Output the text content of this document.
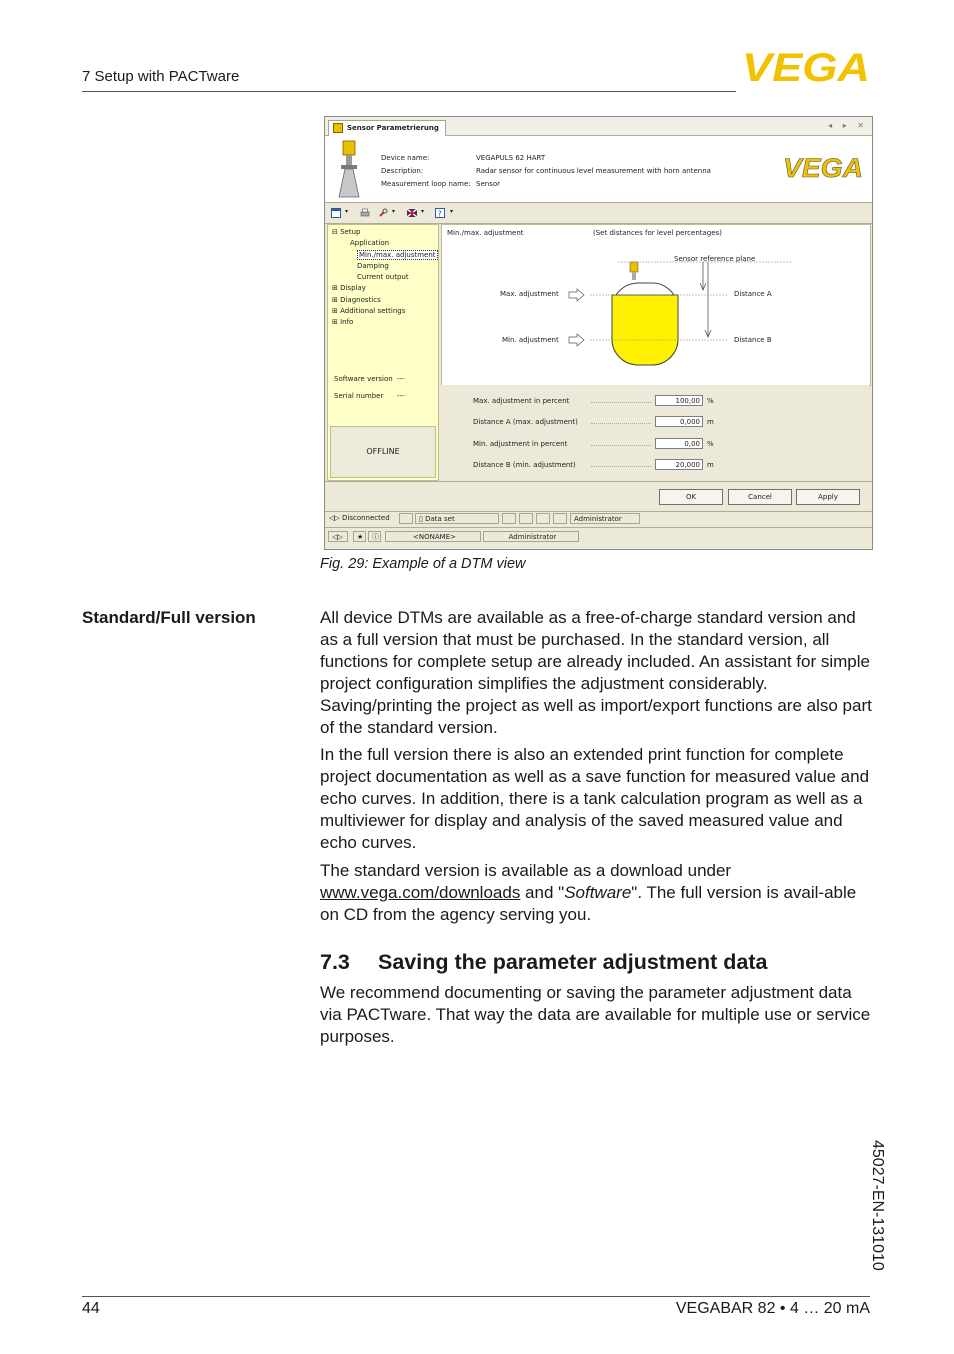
7 Setup with PACTware	VEGA
Sensor Parametrierung	◂ ▸ ✕
Device name:	VEGAPULS 62 HART
Description:	Radar sensor for continuous level measurement with horn antenna
Measurement loop name: Sensor
VEGA
▾	▾	▾ ? ▾
⊟ Setup
Application
Min./max. adjustment
Damping
Current output
⊞ Display
⊞ Diagnostics
⊞ Additional settings
⊞ Info
Software version ---
Serial number ---
OFFLINE
Min./max. adjustment	(Set distances for level percentages)
Sensor reference plane
Max. adjustment
Min. adjustment
Distance A
Distance B
Max. adjustment in percent	100,00	%
Distance A (max. adjustment)	0,000	m
Min. adjustment in percent	0,00	%
Distance B (min. adjustment)	20,000	m
OK	Cancel	Apply
◁▷ Disconnected	▯ Data set	Administrator
◁▷	★	ⓘ	<NONAME>	Administrator
Fig. 29: Example of a DTM view
Standard/Full version	All device DTMs are available as a free-of-charge standard version and as a full version that must be purchased. In the standard version, all functions for complete setup are already included. An assistant for simple project configuration simplifies the adjustment considerably. Saving/printing the project as well as import/export functions are also part of the standard version.
In the full version there is also an extended print function for complete project documentation as well as a save function for measured value and echo curves. In addition, there is a tank calculation program as well as a multiviewer for display and analysis of the saved measured value and echo curves.
The standard version is available as a download under
www.vega.com/downloads and "Software". The full version is avail-able on CD from the agency serving you.
7.3 Saving the parameter adjustment data
We recommend documenting or saving the parameter adjustment data via PACTware. That way the data are available for multiple use or service purposes.
45027-EN-131010
44	VEGABAR 82 • 4 … 20 mA
